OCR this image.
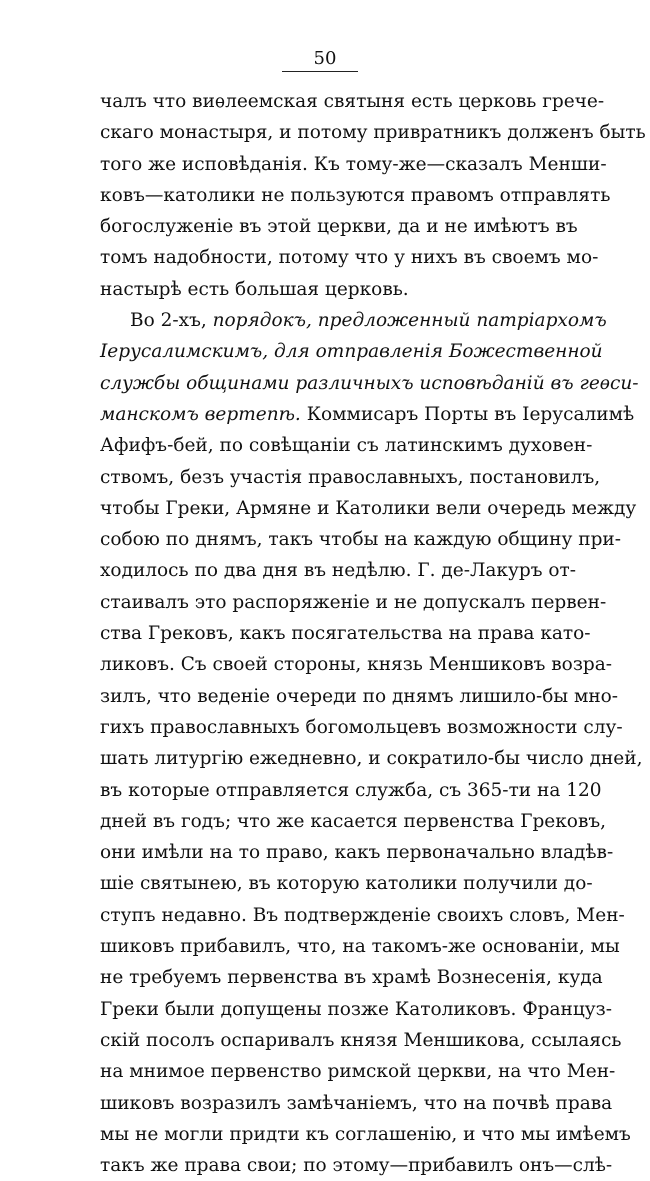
50
чалъ что виѳлеемская святыня есть церковь грече-
скаго монастыря, и потому привратникъ долженъ быть
того же исповѣданія. Къ тому-же—сказалъ Менши-
ковъ—католики не пользуются правомъ отправлять
богослуженіе въ этой церкви, да и не имѣютъ въ
томъ надобности, потому что у нихъ въ своемъ мо-
настырѣ есть большая церковь.
Во 2-хъ, порядокъ, предложенный патріархомъ
Іерусалимскимъ, для отправленія Божественной
службы общинами различныхъ исповѣданій въ геѳси-
манскомъ вертепѣ. Коммисаръ Порты въ Іерусалимѣ
Афифъ-бей, по совѣщаніи съ латинскимъ духовен-
ствомъ, безъ участія православныхъ, постановилъ,
чтобы Греки, Армяне и Католики вели очередь между
собою по днямъ, такъ чтобы на каждую общину при-
ходилось по два дня въ недѣлю. Г. де-Лакуръ от-
стаивалъ это распоряженіе и не допускалъ первен-
ства Грековъ, какъ посягательства на права като-
ликовъ. Съ своей стороны, князь Меншиковъ возра-
зилъ, что веденіе очереди по днямъ лишило-бы мно-
гихъ православныхъ богомольцевъ возможности слу-
шать литургію ежедневно, и сократило-бы число дней,
въ которые отправляется служба, съ 365-ти на 120
дней въ годъ; что же касается первенства Грековъ,
они имѣли на то право, какъ первоначально владѣв-
шіе святынею, въ которую католики получили до-
ступъ недавно. Въ подтвержденіе своихъ словъ, Мен-
шиковъ прибавилъ, что, на такомъ-же основаніи, мы
не требуемъ первенства въ храмѣ Вознесенія, куда
Греки были допущены позже Католиковъ. Француз-
скій посолъ оспаривалъ князя Меншикова, ссылаясь
на мнимое первенство римской церкви, на что Мен-
шиковъ возразилъ замѣчаніемъ, что на почвѣ права
мы не могли придти къ соглашенію, и что мы имѣемъ
такъ же права свои; по этому—прибавилъ онъ—слѣ-
